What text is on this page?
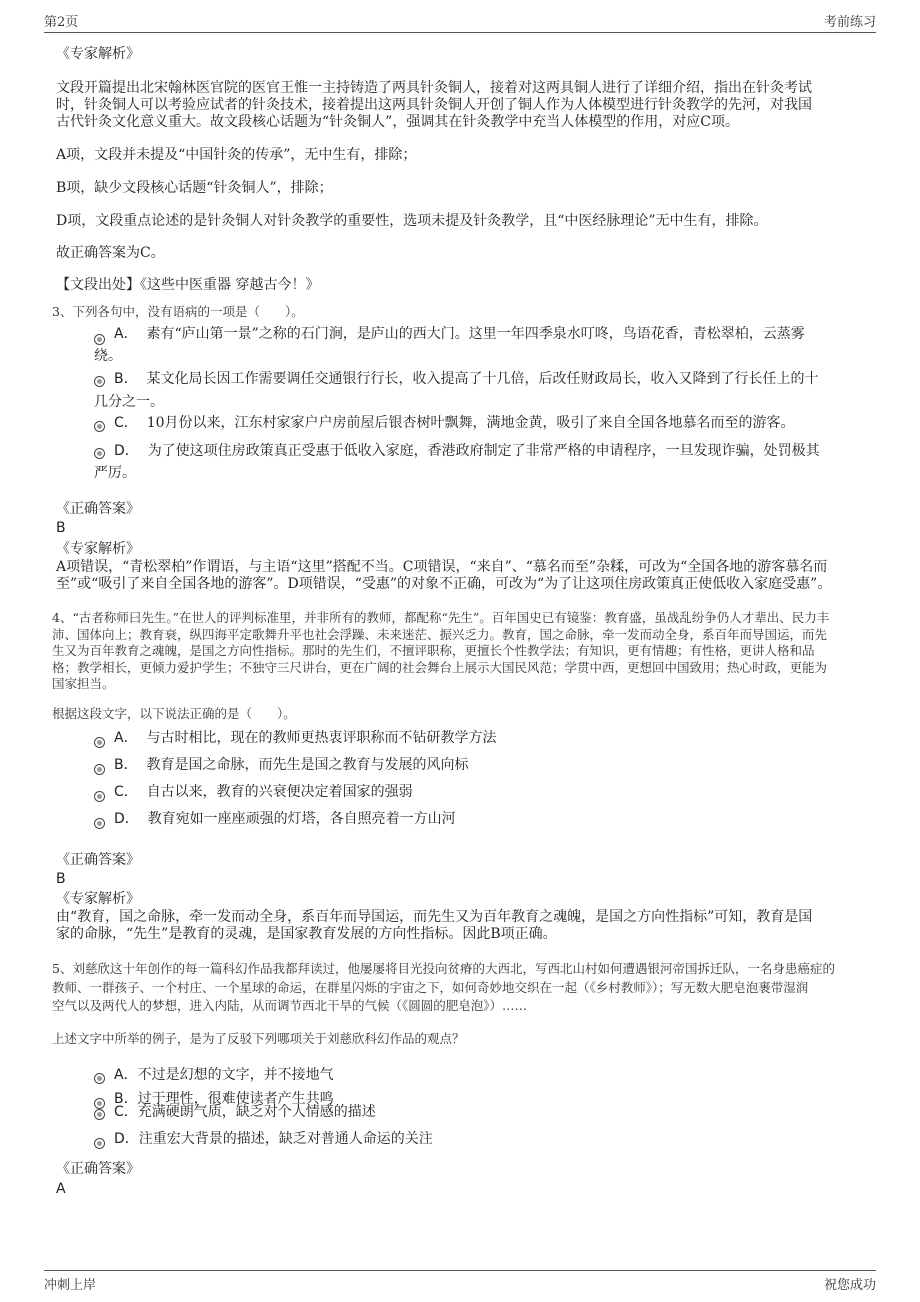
第2页	考前练习
《专家解析》
文段开篇提出北宋翰林医官院的医官王惟一主持铸造了两具针灸铜人，接着对这两具铜人进行了详细介绍，指出在针灸考试
时，针灸铜人可以考验应试者的针灸技术，接着提出这两具针灸铜人开创了铜人作为人体模型进行针灸教学的先河，对我国
古代针灸文化意义重大。故文段核心话题为“针灸铜人”，强调其在针灸教学中充当人体模型的作用，对应C项。
A项，文段并未提及“中国针灸的传承”，无中生有，排除；
B项，缺少文段核心话题“针灸铜人”，排除；
D项，文段重点论述的是针灸铜人对针灸教学的重要性，选项未提及针灸教学，且“中医经脉理论”无中生有，排除。
故正确答案为C。
【文段出处】《这些中医重器 穿越古今！》
3、下列各句中，没有语病的一项是（　　）。
A． 素有“庐山第一景”之称的石门涧，是庐山的西大门。这里一年四季泉水叮咚，鸟语花香，青松翠柏，云蒸雾
绕。
B． 某文化局长因工作需要调任交通银行行长，收入提高了十几倍，后改任财政局长，收入又降到了行长任上的十
几分之一。
C． 10月份以来，江东村家家户户房前屋后银杏树叶飘舞，满地金黄，吸引了来自全国各地慕名而至的游客。
D． 为了使这项住房政策真正受惠于低收入家庭，香港政府制定了非常严格的申请程序，一旦发现诈骗，处罚极其
严厉。
《正确答案》
B
《专家解析》
A项错误，“青松翠柏”作谓语，与主语“这里”搭配不当。C项错误，“来自”、“慕名而至”杂糅，可改为“全国各地的游客慕名而
至”或“吸引了来自全国各地的游客”。D项错误，“受惠”的对象不正确，可改为“为了让这项住房政策真正使低收入家庭受惠”。
4、“古者称师曰先生。”在世人的评判标准里，并非所有的教师，都配称“先生”。百年国史已有镜鉴：教育盛，虽战乱纷争仍人才辈出、民力丰
沛、国体向上；教育衰，纵四海平定歌舞升平也社会浮躁、未来迷茫、振兴乏力。教育，国之命脉，牵一发而动全身，系百年而导国运，而先
生又为百年教育之魂魄，是国之方向性指标。那时的先生们，不擅评职称，更擅长个性教学法；有知识，更有情趣；有性格，更讲人格和品
格；教学相长，更倾力爱护学生；不独守三尺讲台，更在广阔的社会舞台上展示大国民风范；学贯中西，更想回中国致用；热心时政，更能为
国家担当。
根据这段文字，以下说法正确的是（　　）。
A． 与古时相比，现在的教师更热衷评职称而不钻研教学方法
B． 教育是国之命脉，而先生是国之教育与发展的风向标
C． 自古以来，教育的兴衰便决定着国家的强弱
D． 教育宛如一座座顽强的灯塔，各自照亮着一方山河
《正确答案》
B
《专家解析》
由“教育，国之命脉，牵一发而动全身，系百年而导国运，而先生又为百年教育之魂魄，是国之方向性指标”可知，教育是国
家的命脉，“先生”是教育的灵魂，是国家教育发展的方向性指标。因此B项正确。
5、刘慈欣这十年创作的每一篇科幻作品我都拜读过，他屡屡将目光投向贫瘠的大西北，写西北山村如何遭遇银河帝国拆迁队，一名身患癌症的
教师、一群孩子、一个村庄、一个星球的命运，在群星闪烁的宇宙之下，如何奇妙地交织在一起（《乡村教师》）；写无数大肥皂泡裹带湿润
空气以及两代人的梦想，进入内陆，从而调节西北干旱的气候（《圆圆的肥皂泡》）……
上述文字中所举的例子，是为了反驳下列哪项关于刘慈欣科幻作品的观点？
A．不过是幻想的文字，并不接地气
B．过于理性，很难使读者产生共鸣
C．充满硬朗气质，缺乏对个人情感的描述
D．注重宏大背景的描述，缺乏对普通人命运的关注
《正确答案》
A
冲刺上岸	祝您成功
